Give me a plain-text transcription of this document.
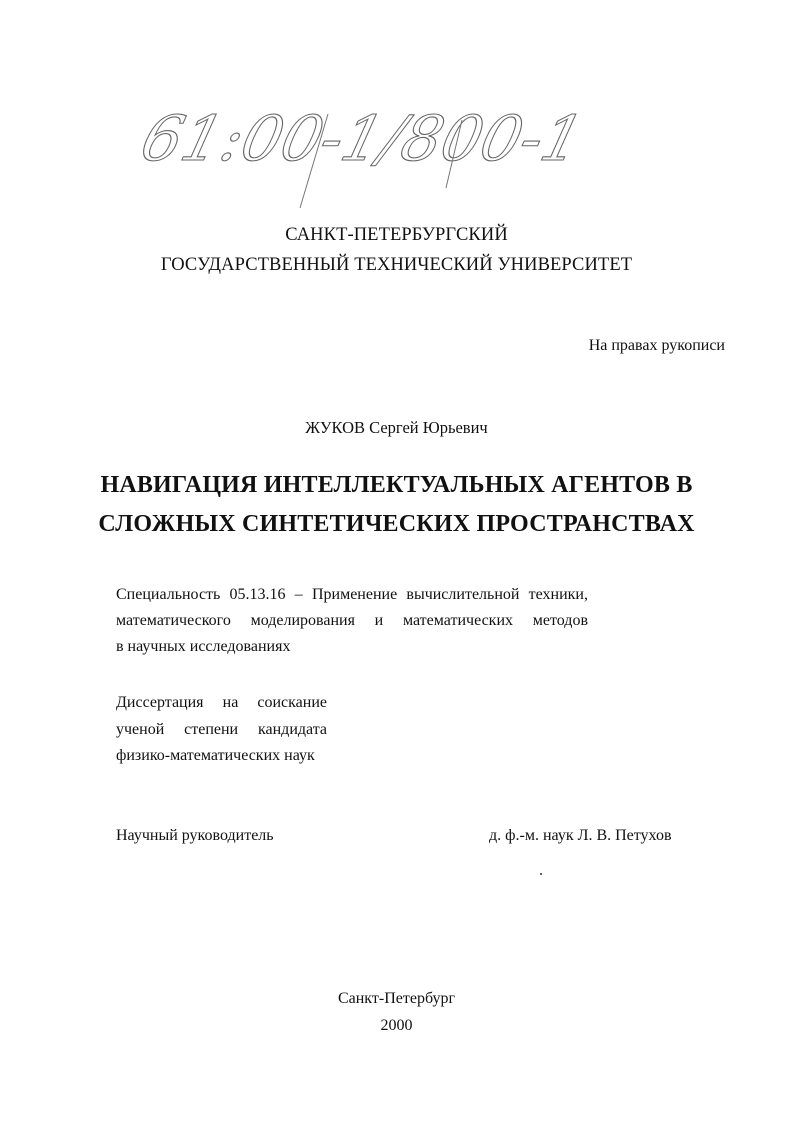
61:00-1/800-1

САНКТ-ПЕТЕРБУРГСКИЙ

ГОСУДАРСТВЕННЫЙ ТЕХНИЧЕСКИЙ УНИВЕРСИТЕТ

На правах рукописи

ЖУКОВ Сергей Юрьевич

НАВИГАЦИЯ ИНТЕЛЛЕКТУАЛЬНЫХ АГЕНТОВ В
СЛОЖНЫХ СИНТЕТИЧЕСКИХ ПРОСТРАНСТВАХ
Специальность 05.13.16 – Применение вычислительной техники,
математического моделирования и математических методов
в научных исследованиях
Диссертация на соискание
ученой степени кандидата
физико-математических наук

Научный руководитель	д. ф.-м. наук Л. В. Петухов

Санкт-Петербург

2000
